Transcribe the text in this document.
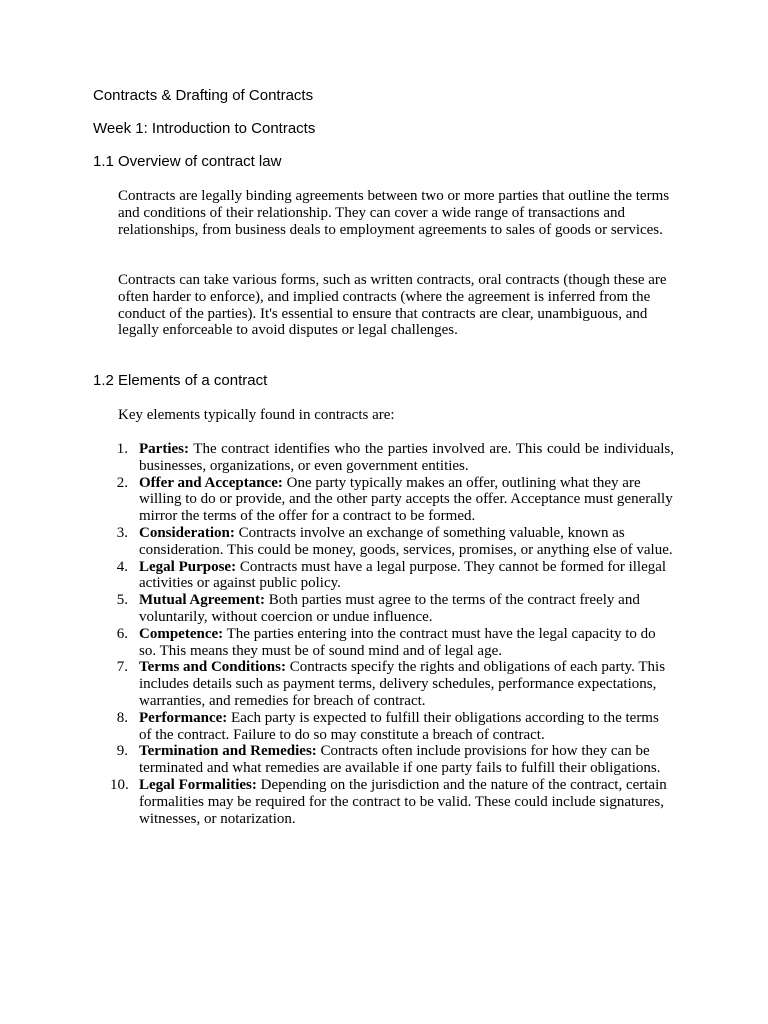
Contracts & Drafting of Contracts
Week 1: Introduction to Contracts
1.1 Overview of contract law

Contracts are legally binding agreements between two or more parties that outline the terms and conditions of their relationship. They can cover a wide range of transactions and relationships, from business deals to employment agreements to sales of goods or services.

Contracts can take various forms, such as written contracts, oral contracts (though these are often harder to enforce), and implied contracts (where the agreement is inferred from the conduct of the parties). It's essential to ensure that contracts are clear, unambiguous, and legally enforceable to avoid disputes or legal challenges.

1.2 Elements of a contract

Key elements typically found in contracts are:

1. Parties: The contract identifies who the parties involved are. This could be individuals, businesses, organizations, or even government entities.
2. Offer and Acceptance: One party typically makes an offer, outlining what they are willing to do or provide, and the other party accepts the offer. Acceptance must generally mirror the terms of the offer for a contract to be formed.
3. Consideration: Contracts involve an exchange of something valuable, known as consideration. This could be money, goods, services, promises, or anything else of value.
4. Legal Purpose: Contracts must have a legal purpose. They cannot be formed for illegal activities or against public policy.
5. Mutual Agreement: Both parties must agree to the terms of the contract freely and voluntarily, without coercion or undue influence.
6. Competence: The parties entering into the contract must have the legal capacity to do so. This means they must be of sound mind and of legal age.
7. Terms and Conditions: Contracts specify the rights and obligations of each party. This includes details such as payment terms, delivery schedules, performance expectations, warranties, and remedies for breach of contract.
8. Performance: Each party is expected to fulfill their obligations according to the terms of the contract. Failure to do so may constitute a breach of contract.
9. Termination and Remedies: Contracts often include provisions for how they can be terminated and what remedies are available if one party fails to fulfill their obligations.
10. Legal Formalities: Depending on the jurisdiction and the nature of the contract, certain formalities may be required for the contract to be valid. These could include signatures, witnesses, or notarization.
